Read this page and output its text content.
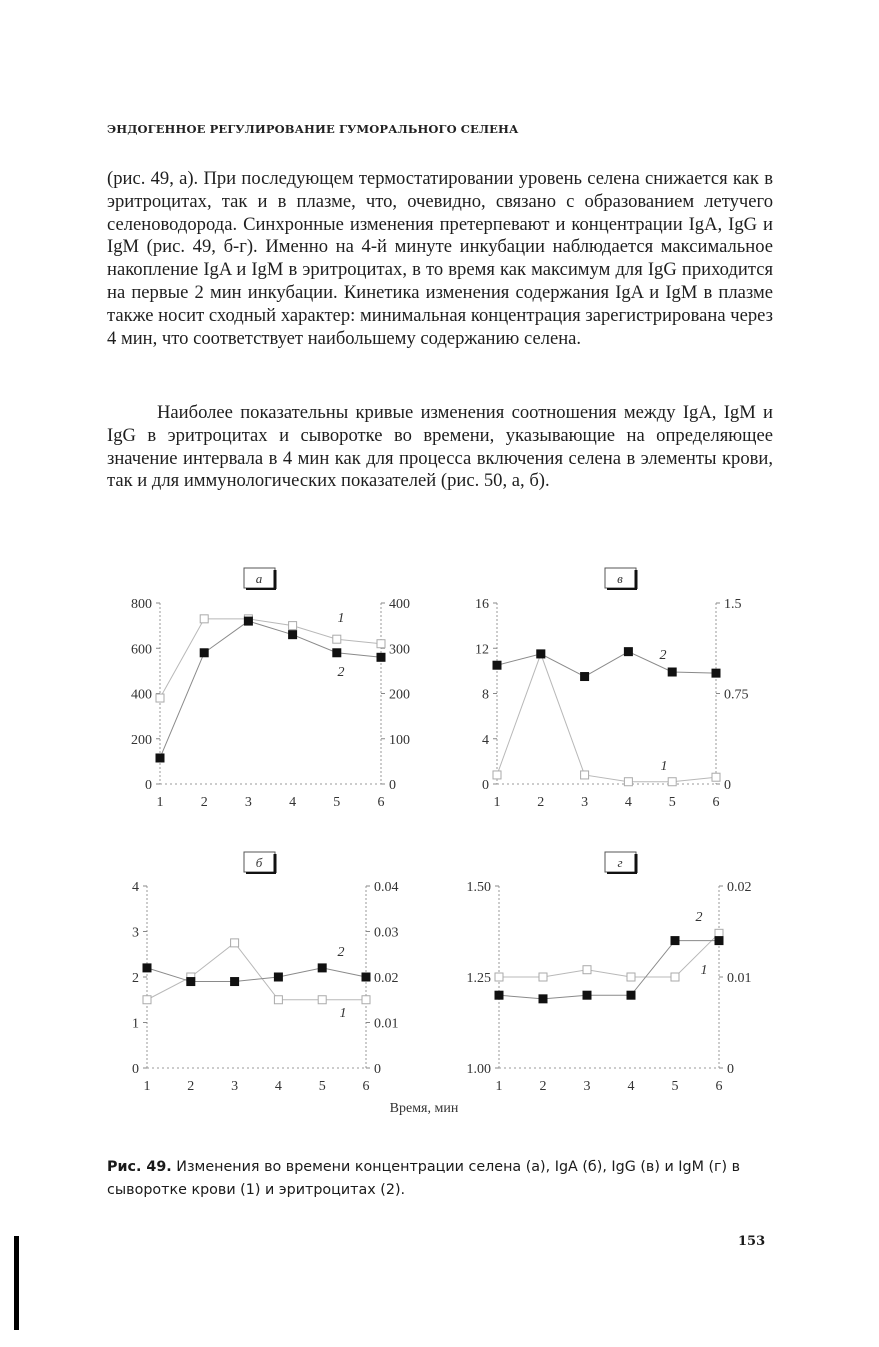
ЭНДОГЕННОЕ РЕГУЛИРОВАНИЕ ГУМОРАЛЬНОГО СЕЛЕНА

(рис. 49, а). При последующем термостатировании уровень селена снижается как в эритроцитах, так и в плазме, что, очевидно, связано с образованием летучего селеноводорода. Синхронные изменения претерпевают и концентрации IgA, IgG и IgM (рис. 49, б-г). Именно на 4-й минуте инкубации наблюдается максимальное накопление IgA и IgM в эритроцитах, в то время как максимум для IgG приходится на первые 2 мин инкубации. Кинетика изменения содержания IgA и IgM в плазме также носит сходный характер: минимальная концентрация зарегистрирована через 4 мин, что соответствует наибольшему содержанию селена.

Наиболее показательны кривые изменения соотношения между IgA, IgM и IgG в эритроцитах и сыворотке во времени, указывающие на определяющее значение интервала в 4 мин как для процесса включения селена в элементы крови, так и для иммунологических показателей (рис. 50, а, б).

0
200
400
600
800
0
100
200
300
400
1	2	3	4	5	6
а
1
2
0
4
8
12
16
0
0.75
1.5
1	2	3	4	5	6
в
1
2
0
1
2
3
4
0
0.01
0.02
0.03
0.04
1	2	3	4	5	6
б
1
2
1.00
1.25
1.50
0
0.01
0.02
1	2	3	4	5	6
г
1
2
Время, мин
Рис. 49. Изменения во времени концентрации селена (а), IgA (б), IgG (в) и IgM (г) в сыворотке крови (1) и эритроцитах (2).
153
